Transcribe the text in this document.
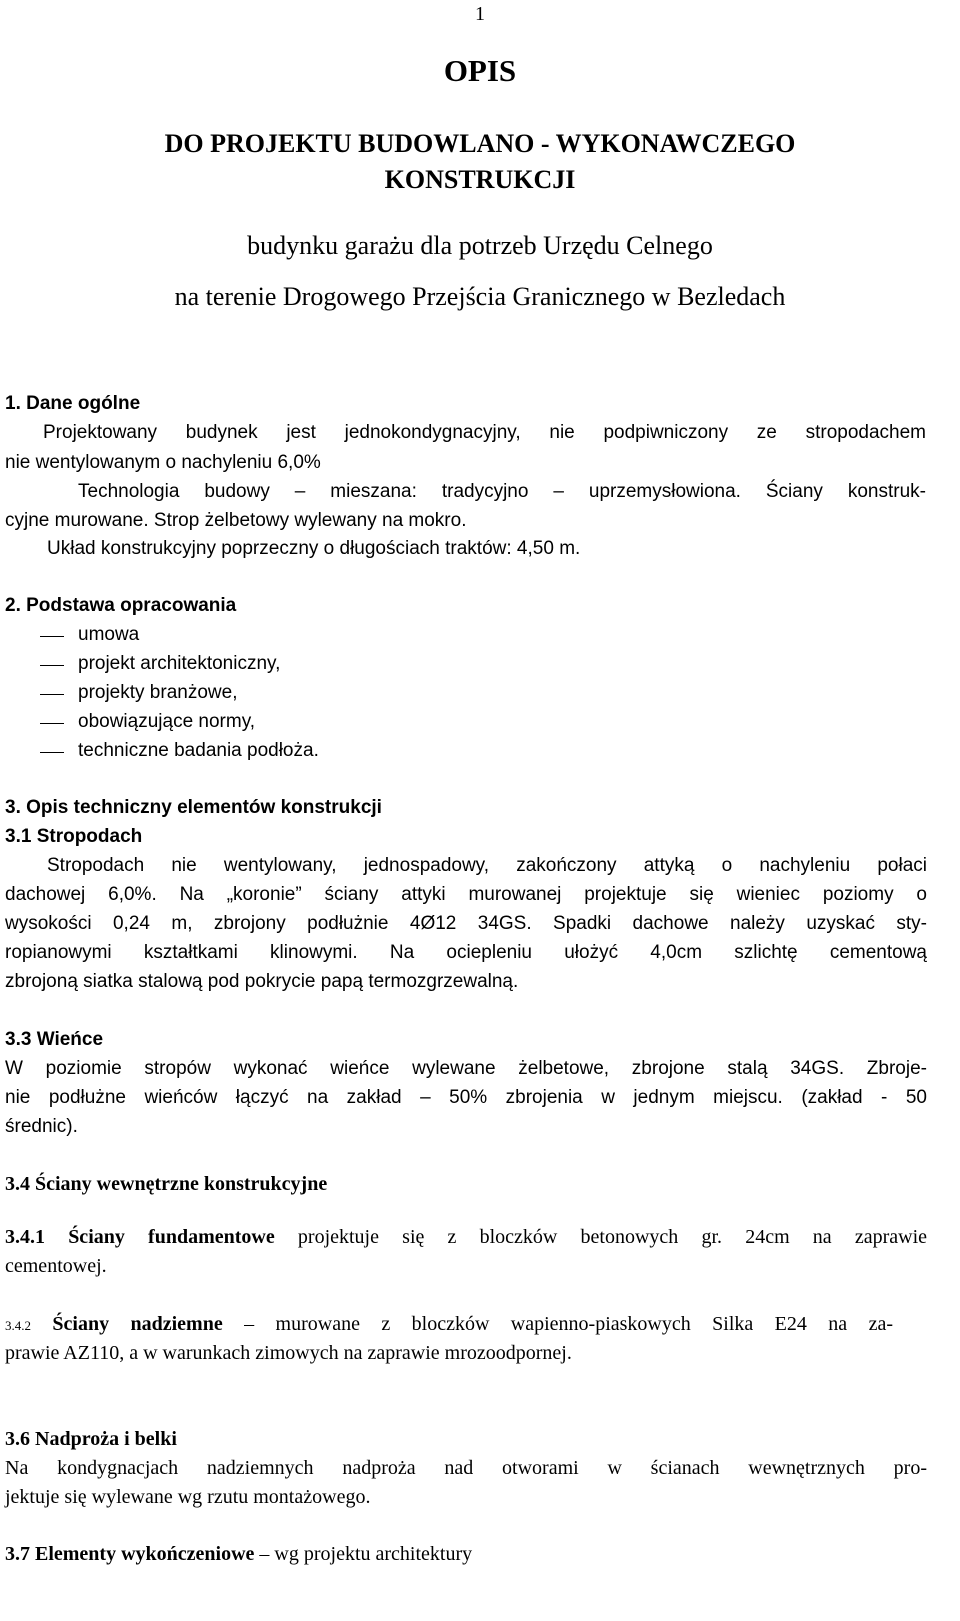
1
OPIS
DO PROJEKTU BUDOWLANO - WYKONAWCZEGO
KONSTRUKCJI
budynku garażu dla potrzeb Urzędu Celnego
na terenie Drogowego Przejścia Granicznego w Bezledach
1. Dane ogólne
Projektowany budynek jest jednokondygnacyjny, nie podpiwniczony ze stropodachem
nie wentylowanym o nachyleniu 6,0%
Technologia budowy – mieszana: tradycyjno – uprzemysłowiona. Ściany konstruk-
cyjne murowane. Strop żelbetowy wylewany na mokro.
Układ konstrukcyjny poprzeczny o długościach traktów: 4,50 m.
2. Podstawa opracowania
umowa
projekt architektoniczny,
projekty branżowe,
obowiązujące normy,
techniczne badania podłoża.
3. Opis techniczny elementów konstrukcji
3.1 Stropodach
Stropodach nie wentylowany, jednospadowy, zakończony attyką o nachyleniu połaci
dachowej 6,0%. Na „koronie” ściany attyki murowanej projektuje się wieniec poziomy o
wysokości 0,24 m, zbrojony podłużnie 4Ø12 34GS. Spadki dachowe należy uzyskać sty-
ropianowymi kształtkami klinowymi. Na ociepleniu ułożyć 4,0cm szlichtę cementową
zbrojoną siatka stalową pod pokrycie papą termozgrzewalną.
3.3 Wieńce
W poziomie stropów wykonać wieńce wylewane żelbetowe, zbrojone stalą 34GS. Zbroje-
nie podłużne wieńców łączyć na zakład – 50% zbrojenia w jednym miejscu. (zakład - 50
średnic).
3.4 Ściany wewnętrzne konstrukcyjne
3.4.1 Ściany fundamentowe projektuje się z bloczków betonowych gr. 24cm na zaprawie
cementowej.
3.4.2 Ściany nadziemne – murowane z bloczków wapienno-piaskowych Silka E24 na za-
prawie AZ110, a w warunkach zimowych na zaprawie mrozoodpornej.
3.6 Nadproża i belki
Na kondygnacjach nadziemnych nadproża nad otworami w ścianach wewnętrznych pro-
jektuje się wylewane wg rzutu montażowego.
3.7 Elementy wykończeniowe – wg projektu architektury
